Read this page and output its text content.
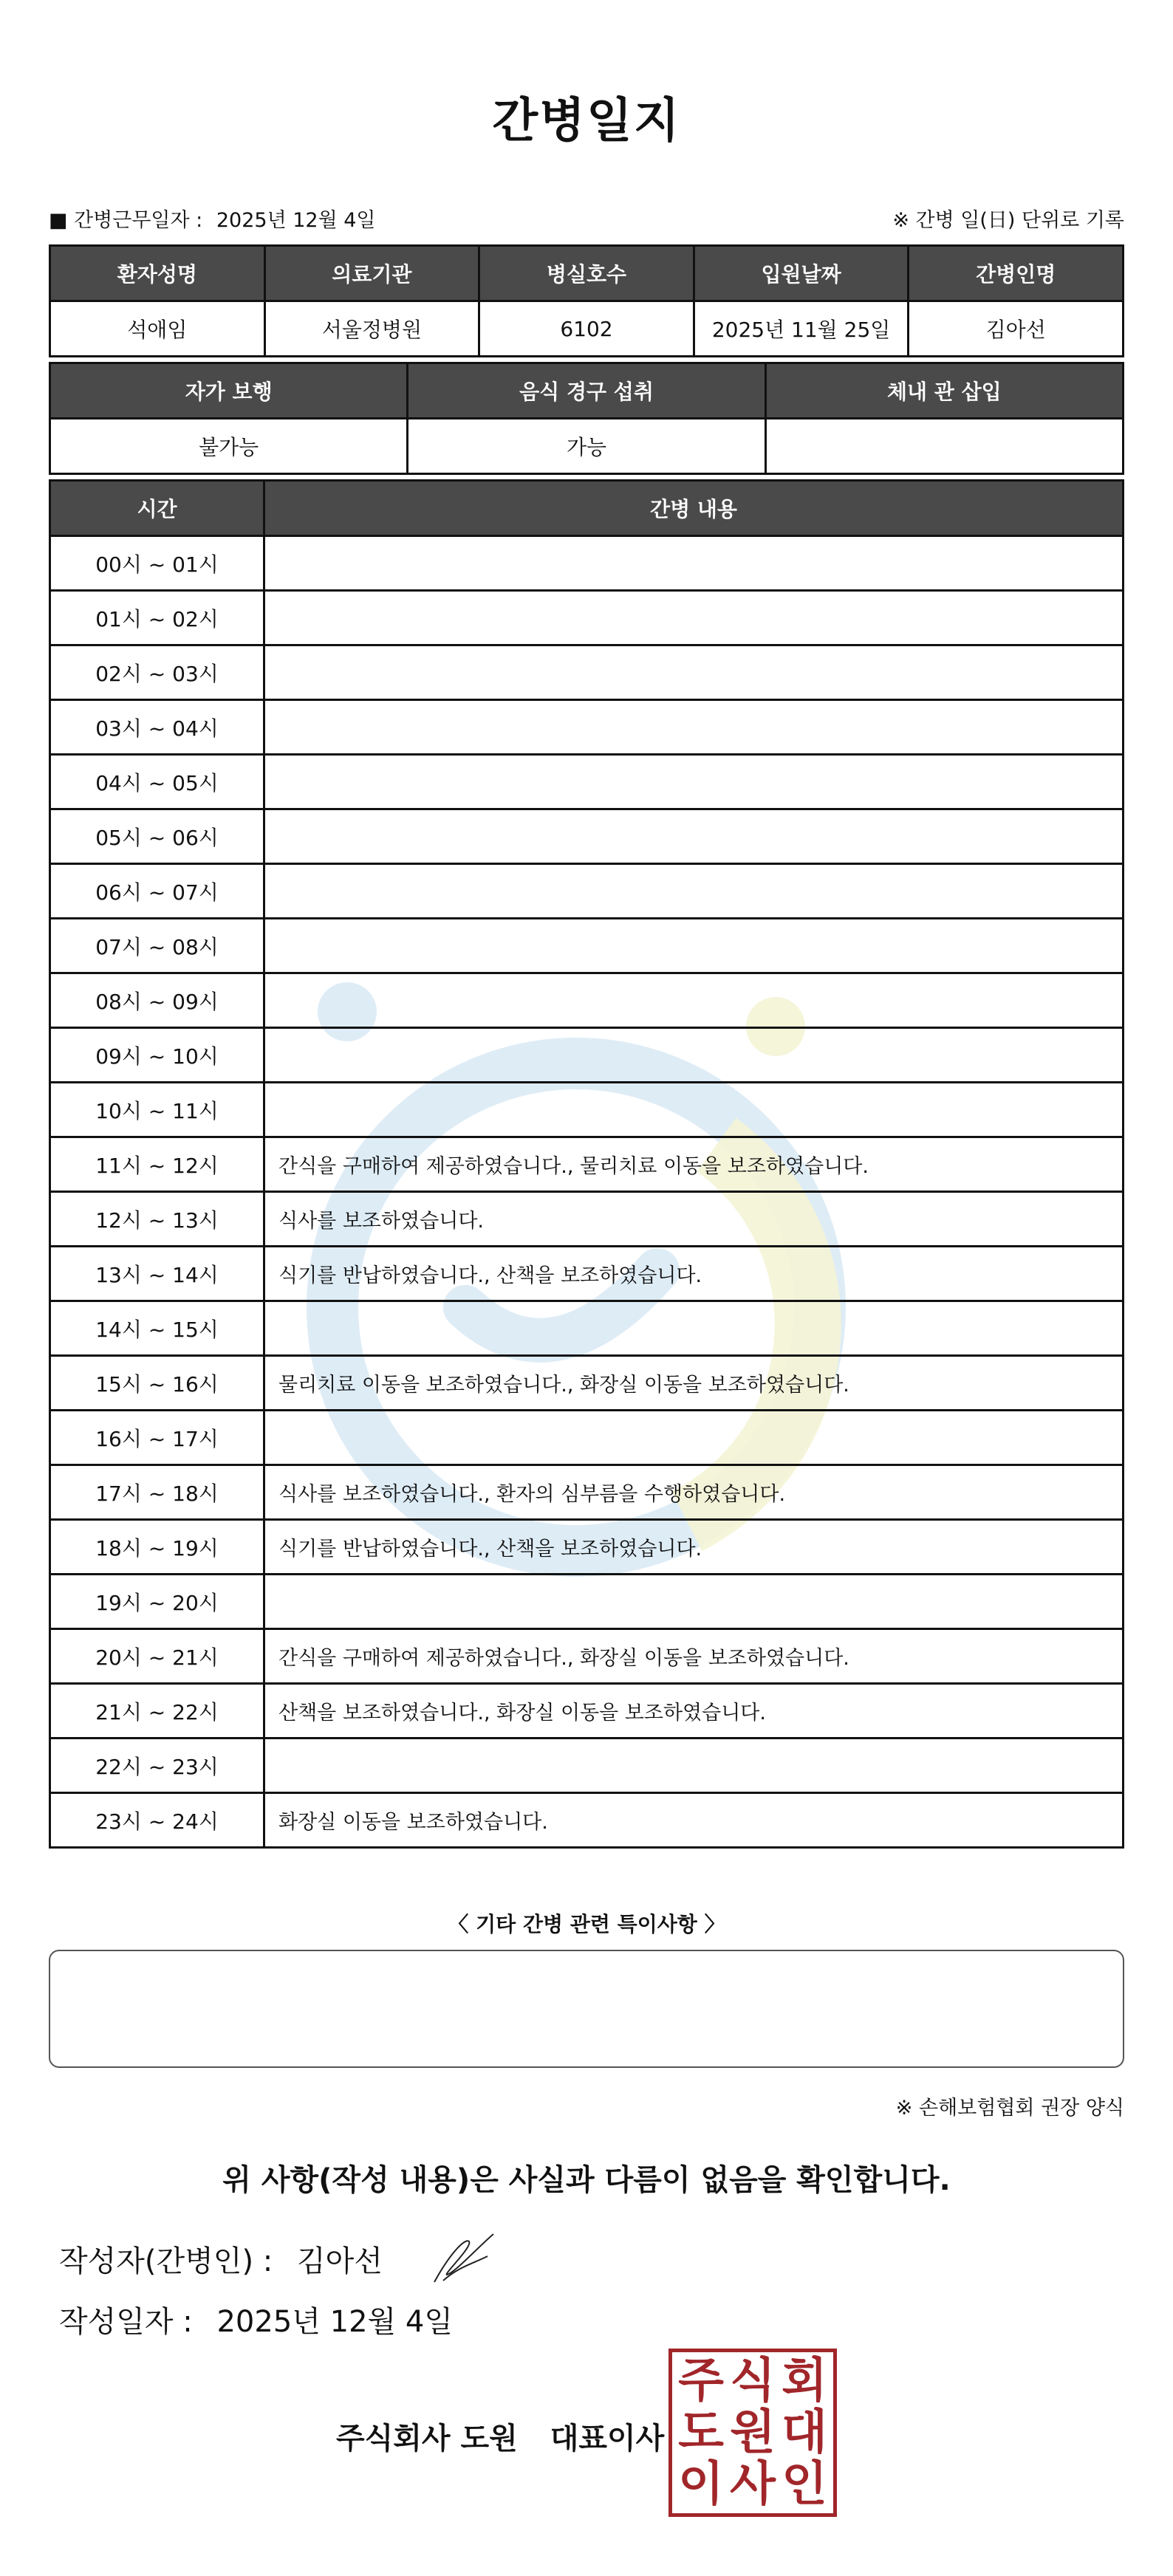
간병일지
■ 간병근무일자 : 2025년 12월 4일	※ 간병 일(日) 단위로 기록
환자성명	의료기관	병실호수	입원날짜	간병인명
석애임	서울정병원	6102	2025년 11월 25일	김아선
자가 보행	음식 경구 섭취	체내 관 삽입
불가능	가능	
시간	간병 내용
00시 ~ 01시	
01시 ~ 02시	
02시 ~ 03시	
03시 ~ 04시	
04시 ~ 05시	
05시 ~ 06시	
06시 ~ 07시	
07시 ~ 08시	
08시 ~ 09시	
09시 ~ 10시	
10시 ~ 11시	
11시 ~ 12시	간식을 구매하여 제공하였습니다., 물리치료 이동을 보조하였습니다.
12시 ~ 13시	식사를 보조하였습니다.
13시 ~ 14시	식기를 반납하였습니다., 산책을 보조하였습니다.
14시 ~ 15시	
15시 ~ 16시	물리치료 이동을 보조하였습니다., 화장실 이동을 보조하였습니다.
16시 ~ 17시	
17시 ~ 18시	식사를 보조하였습니다., 환자의 심부름을 수행하였습니다.
18시 ~ 19시	식기를 반납하였습니다., 산책을 보조하였습니다.
19시 ~ 20시	
20시 ~ 21시	간식을 구매하여 제공하였습니다., 화장실 이동을 보조하였습니다.
21시 ~ 22시	산책을 보조하였습니다., 화장실 이동을 보조하였습니다.
22시 ~ 23시	
23시 ~ 24시	화장실 이동을 보조하였습니다.
〈 기타 간병 관련 특이사항 〉
※ 손해보험협회 권장 양식
위 사항(작성 내용)은 사실과 다름이 없음을 확인합니다.
작성자(간병인) : 김아선
작성일자 : 2025년 12월 4일
주식회사 도원 대표이사
주 식 회
도 원 대
이 사 인
